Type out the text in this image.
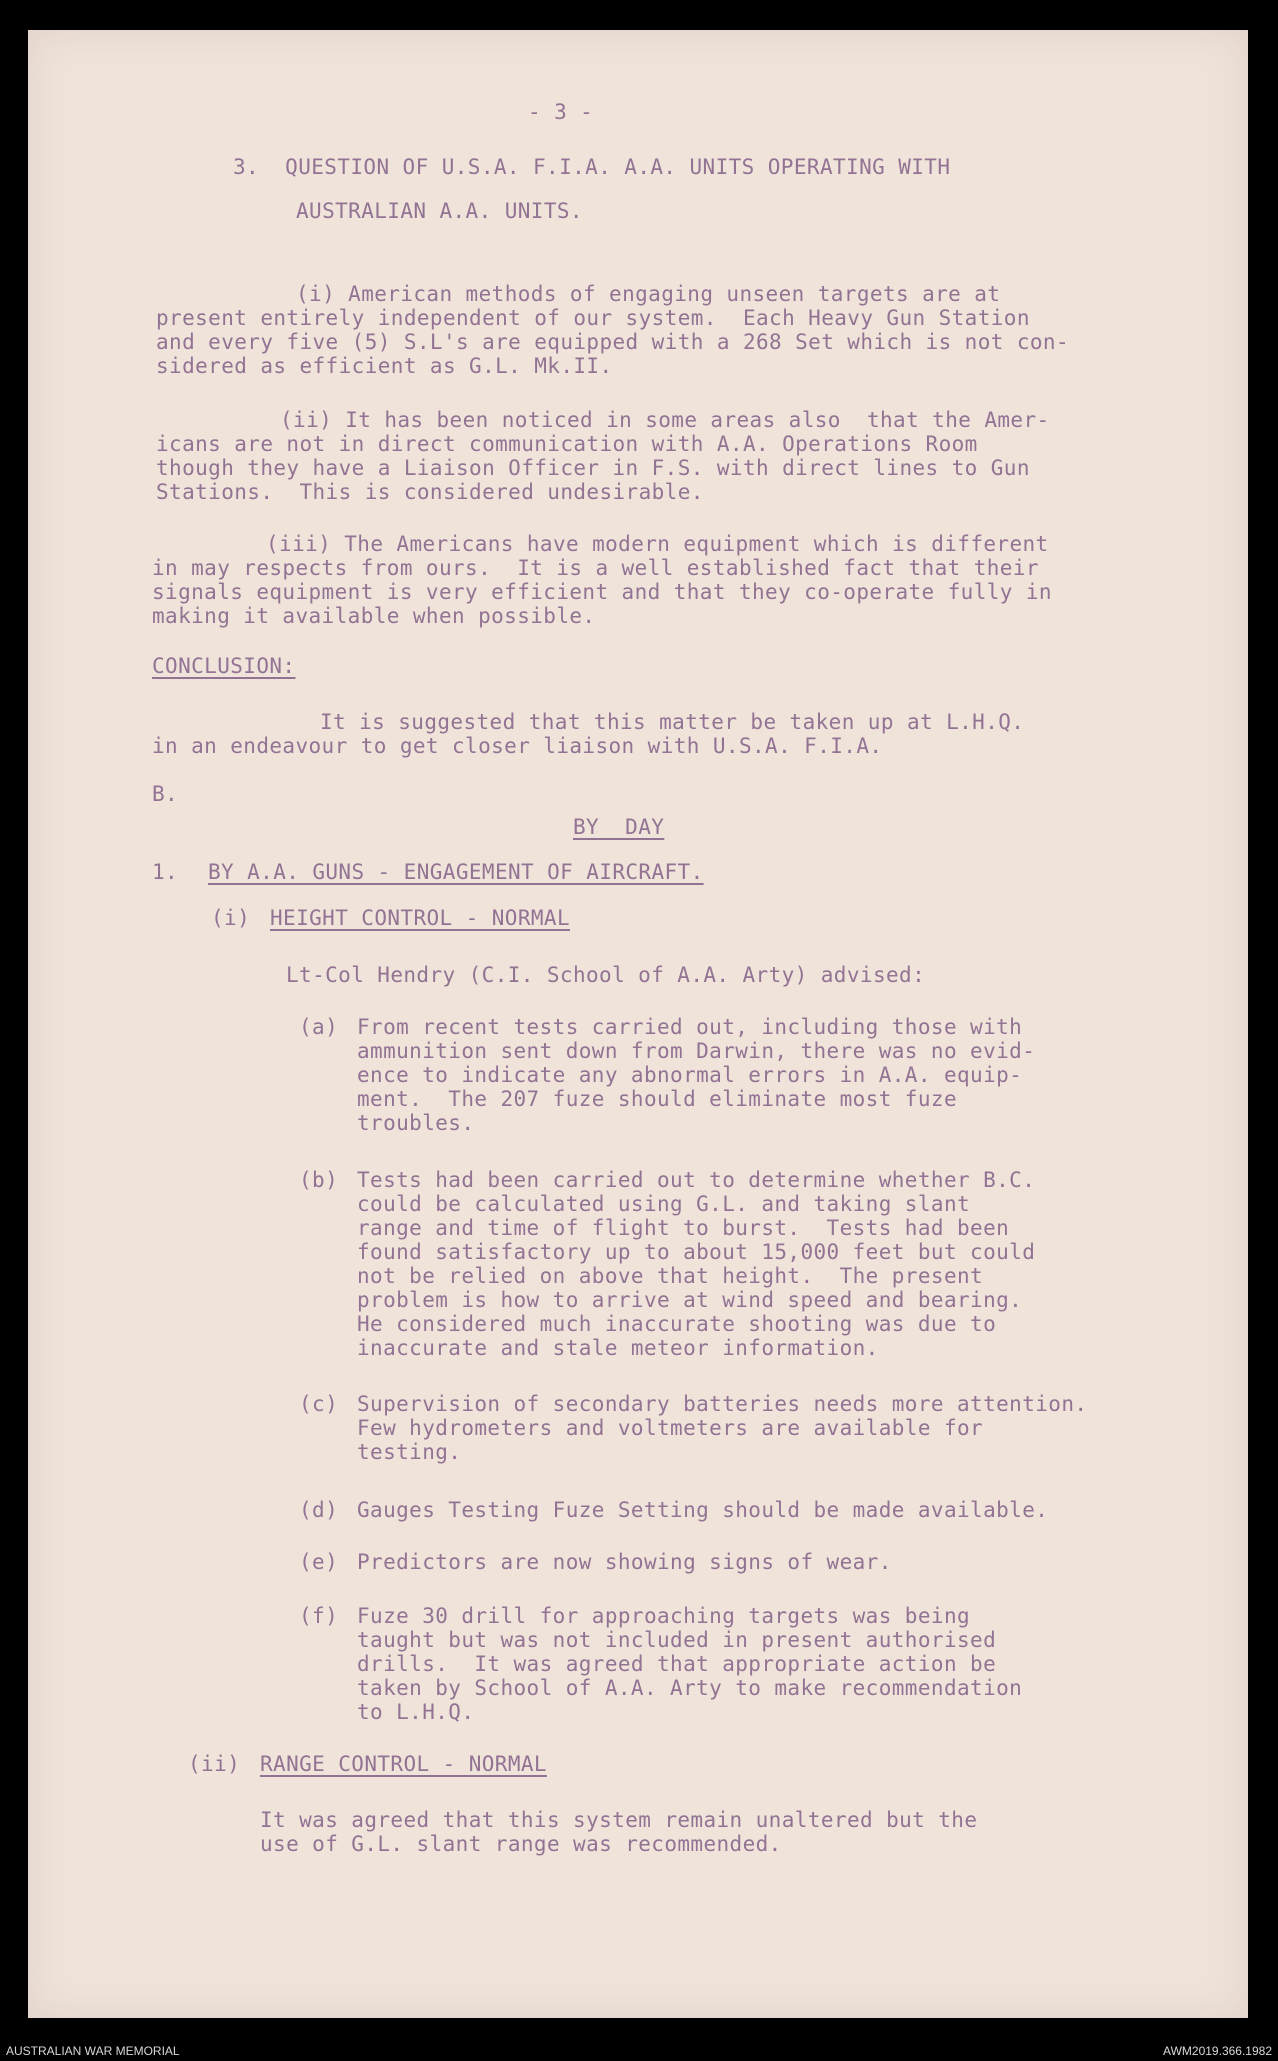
- 3 -
3.  QUESTION OF U.S.A. F.I.A. A.A. UNITS OPERATING WITH
AUSTRALIAN A.A. UNITS.
(i) American methods of engaging unseen targets are at
present entirely independent of our system.  Each Heavy Gun Station
and every five (5) S.L's are equipped with a 268 Set which is not con-
sidered as efficient as G.L. Mk.II.
(ii) It has been noticed in some areas also  that the Amer-
icans are not in direct communication with A.A. Operations Room
though they have a Liaison Officer in F.S. with direct lines to Gun
Stations.  This is considered undesirable.
(iii) The Americans have modern equipment which is different
in may respects from ours.  It is a well established fact that their
signals equipment is very efficient and that they co-operate fully in
making it available when possible.
CONCLUSION:
It is suggested that this matter be taken up at L.H.Q.
in an endeavour to get closer liaison with U.S.A. F.I.A.
B.
BY  DAY
1. BY A.A. GUNS - ENGAGEMENT OF AIRCRAFT.
(i) HEIGHT CONTROL - NORMAL
Lt-Col Hendry (C.I. School of A.A. Arty) advised:
(a) From recent tests carried out, including those with
ammunition sent down from Darwin, there was no evid-
ence to indicate any abnormal errors in A.A. equip-
ment.  The 207 fuze should eliminate most fuze
troubles.
(b) Tests had been carried out to determine whether B.C.
could be calculated using G.L. and taking slant
range and time of flight to burst.  Tests had been
found satisfactory up to about 15,000 feet but could
not be relied on above that height.  The present
problem is how to arrive at wind speed and bearing.
He considered much inaccurate shooting was due to
inaccurate and stale meteor information.
(c) Supervision of secondary batteries needs more attention.
Few hydrometers and voltmeters are available for
testing.
(d) Gauges Testing Fuze Setting should be made available.
(e) Predictors are now showing signs of wear.
(f) Fuze 30 drill for approaching targets was being
taught but was not included in present authorised
drills.  It was agreed that appropriate action be
taken by School of A.A. Arty to make recommendation
to L.H.Q.
(ii) RANGE CONTROL - NORMAL
It was agreed that this system remain unaltered but the
use of G.L. slant range was recommended.
AUSTRALIAN WAR MEMORIAL	AWM2019.366.1982
